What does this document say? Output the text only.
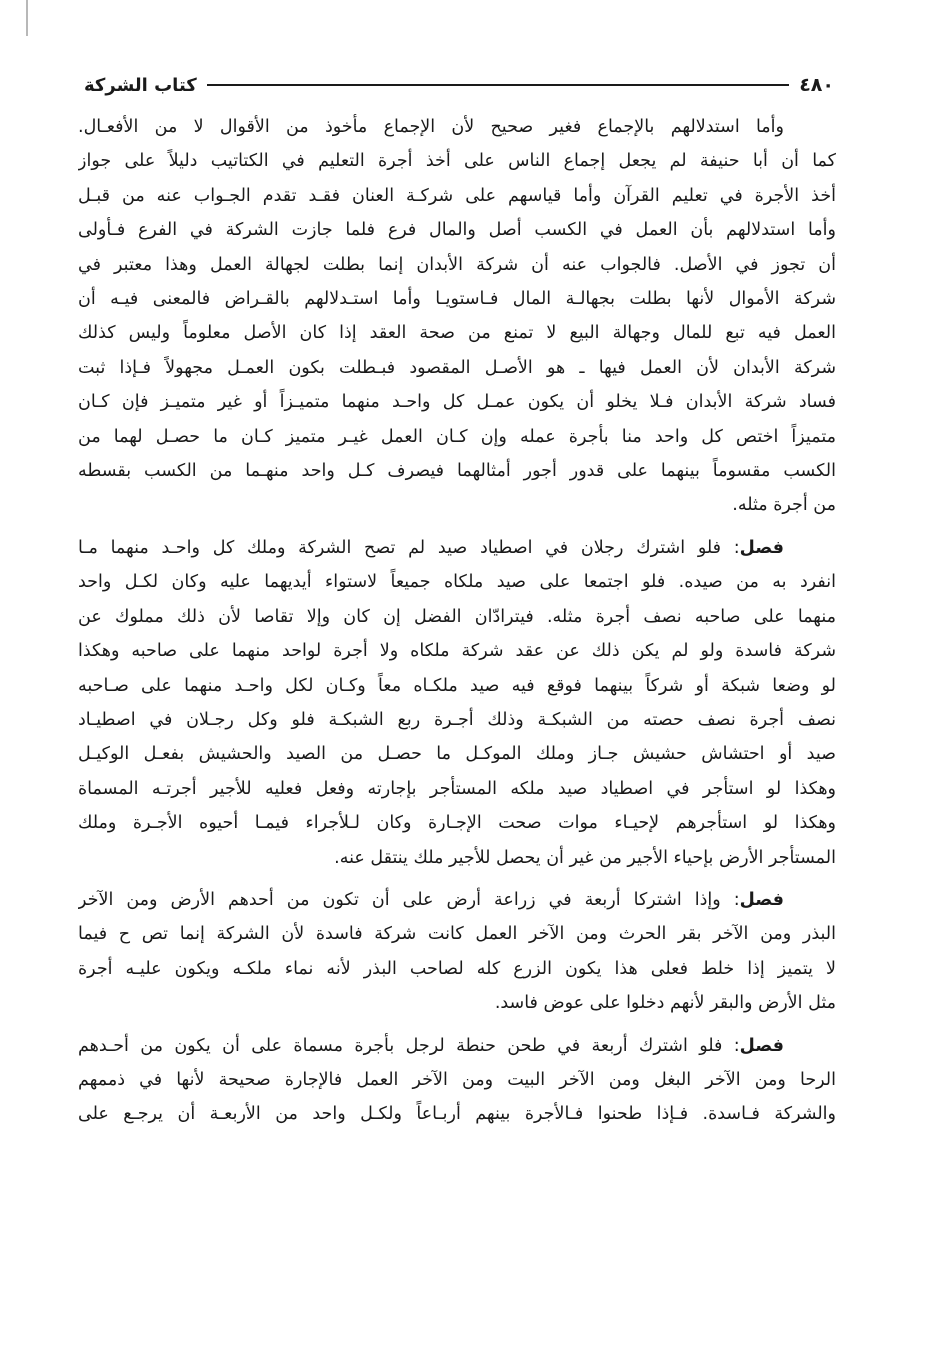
٤٨٠
كتاب الشركة

وأما استدلالهم بالإجماع فغير صحيح لأن الإجماع مأخوذ من الأقوال لا من الأفعـال.
كما أن أبا حنيفة لم يجعل إجماع الناس على أخذ أجرة التعليم في الكتاتيب دليلاً على جواز
أخذ الأجرة في تعليم القرآن وأما قياسهم على شركـة العنان فقـد تقدم الجـواب عنه من قبـل
وأما استدلالهم بأن العمل في الكسب أصل والمال فرع فلما جازت الشركة في الفرع فـأولى
أن تجوز في الأصل. فالجواب عنه أن شركة الأبدان إنما بطلت لجهالة العمل وهذا معتبر في
شركة الأموال لأنها بطلت بجهالـة المال فـاستويـا وأما استـدلالهم بالقـراض فالمعنى فيـه أن
العمل فيه تبع للمال وجهالة البيع لا تمنع من صحة العقد إذا كان الأصل معلوماً وليس كذلك
شركة الأبدان لأن العمل فيها ـ هو الأصـل المقصود فبـطلت بكون العمـل مجهولاً فـإذا ثبت
فساد شركة الأبدان فـلا يخلو أن يكون عمـل كل واحـد منهما متميـزاً أو غير متميـز فإن كـان
متميزاً اختص كل واحد منا بأجرة عمله وإن كـان العمل غيـر متميز كـان ما حصـل لهما من
الكسب مقسوماً بينهما على قدور أجور أمثالهما فيصرف كـل واحد منهـما من الكسب بقسطه
من أجرة مثله.

فصل: فلو اشترك رجلان في اصطياد صيد لم تصح الشركة وملك كل واحـد منهما مـا
انفرد به من صيده. فلو اجتمعا على صيد ملكاه جميعاً لاستواء أيديهما عليه وكان لكـل واحد
منهما على صاحبه نصف أجرة مثله. فيترادّان الفضل إن كان وإلا تقاصا لأن ذلك مملوك عن
شركة فاسدة ولو لم يكن ذلك عن عقد شركة ملكاه ولا أجرة لواحد منهما على صاحبه وهكذا
لو وضعا شبكة أو شركاً بينهما فوقع فيه صيد ملكـاه معاً وكـان لكل واحـد منهما على صـاحبه
نصف أجرة نصف حصته من الشبكـة وذلك أجـرة ربع الشبكـة فلو وكل رجـلان في اصطيـاد
صيد أو احتشاش حشيش جـاز وملك الموكـل ما حصـل من الصيد والحشيش بفعـل الوكيـل
وهكذا لو استأجر في اصطياد صيد ملكه المستأجر بإجارته وفعل فعليه للأجير أجرتـه المسماة
وهكذا لو استأجرهم لإحيـاء موات صحت الإجـارة وكان لـلأجراء فيمـا أحيوه الأجـرة وملك
المستأجر الأرض بإحياء الأجير من غير أن يحصل للأجير ملك ينتقل عنه.

فصل: وإذا اشتركا أربعة في زراعة أرض على أن تكون من أحدهم الأرض ومن الآخر
البذر ومن الآخر بقر الحرث ومن الآخر العمل كانت شركة فاسدة لأن الشركة إنما تص ح فيما
لا يتميز إذا خلط فعلى هذا يكون الزرع كله لصاحب البذر لأنه نماء ملكـه ويكون عليـه أجرة
مثل الأرض والبقر لأنهم دخلوا على عوض فاسد.

فصل: فلو اشترك أربعة في طحن حنطة لرجل بأجرة مسماة على أن يكون من أحـدهم
الرحا ومن الآخر البغل ومن الآخر البيت ومن الآخر العمل فالإجارة صحيحة لأنها في ذممهم
والشركة فـاسدة. فـإذا طحنوا فـالأجرة بينهم أربـاعاً ولكـل واحد من الأربعـة أن يرجـع على
